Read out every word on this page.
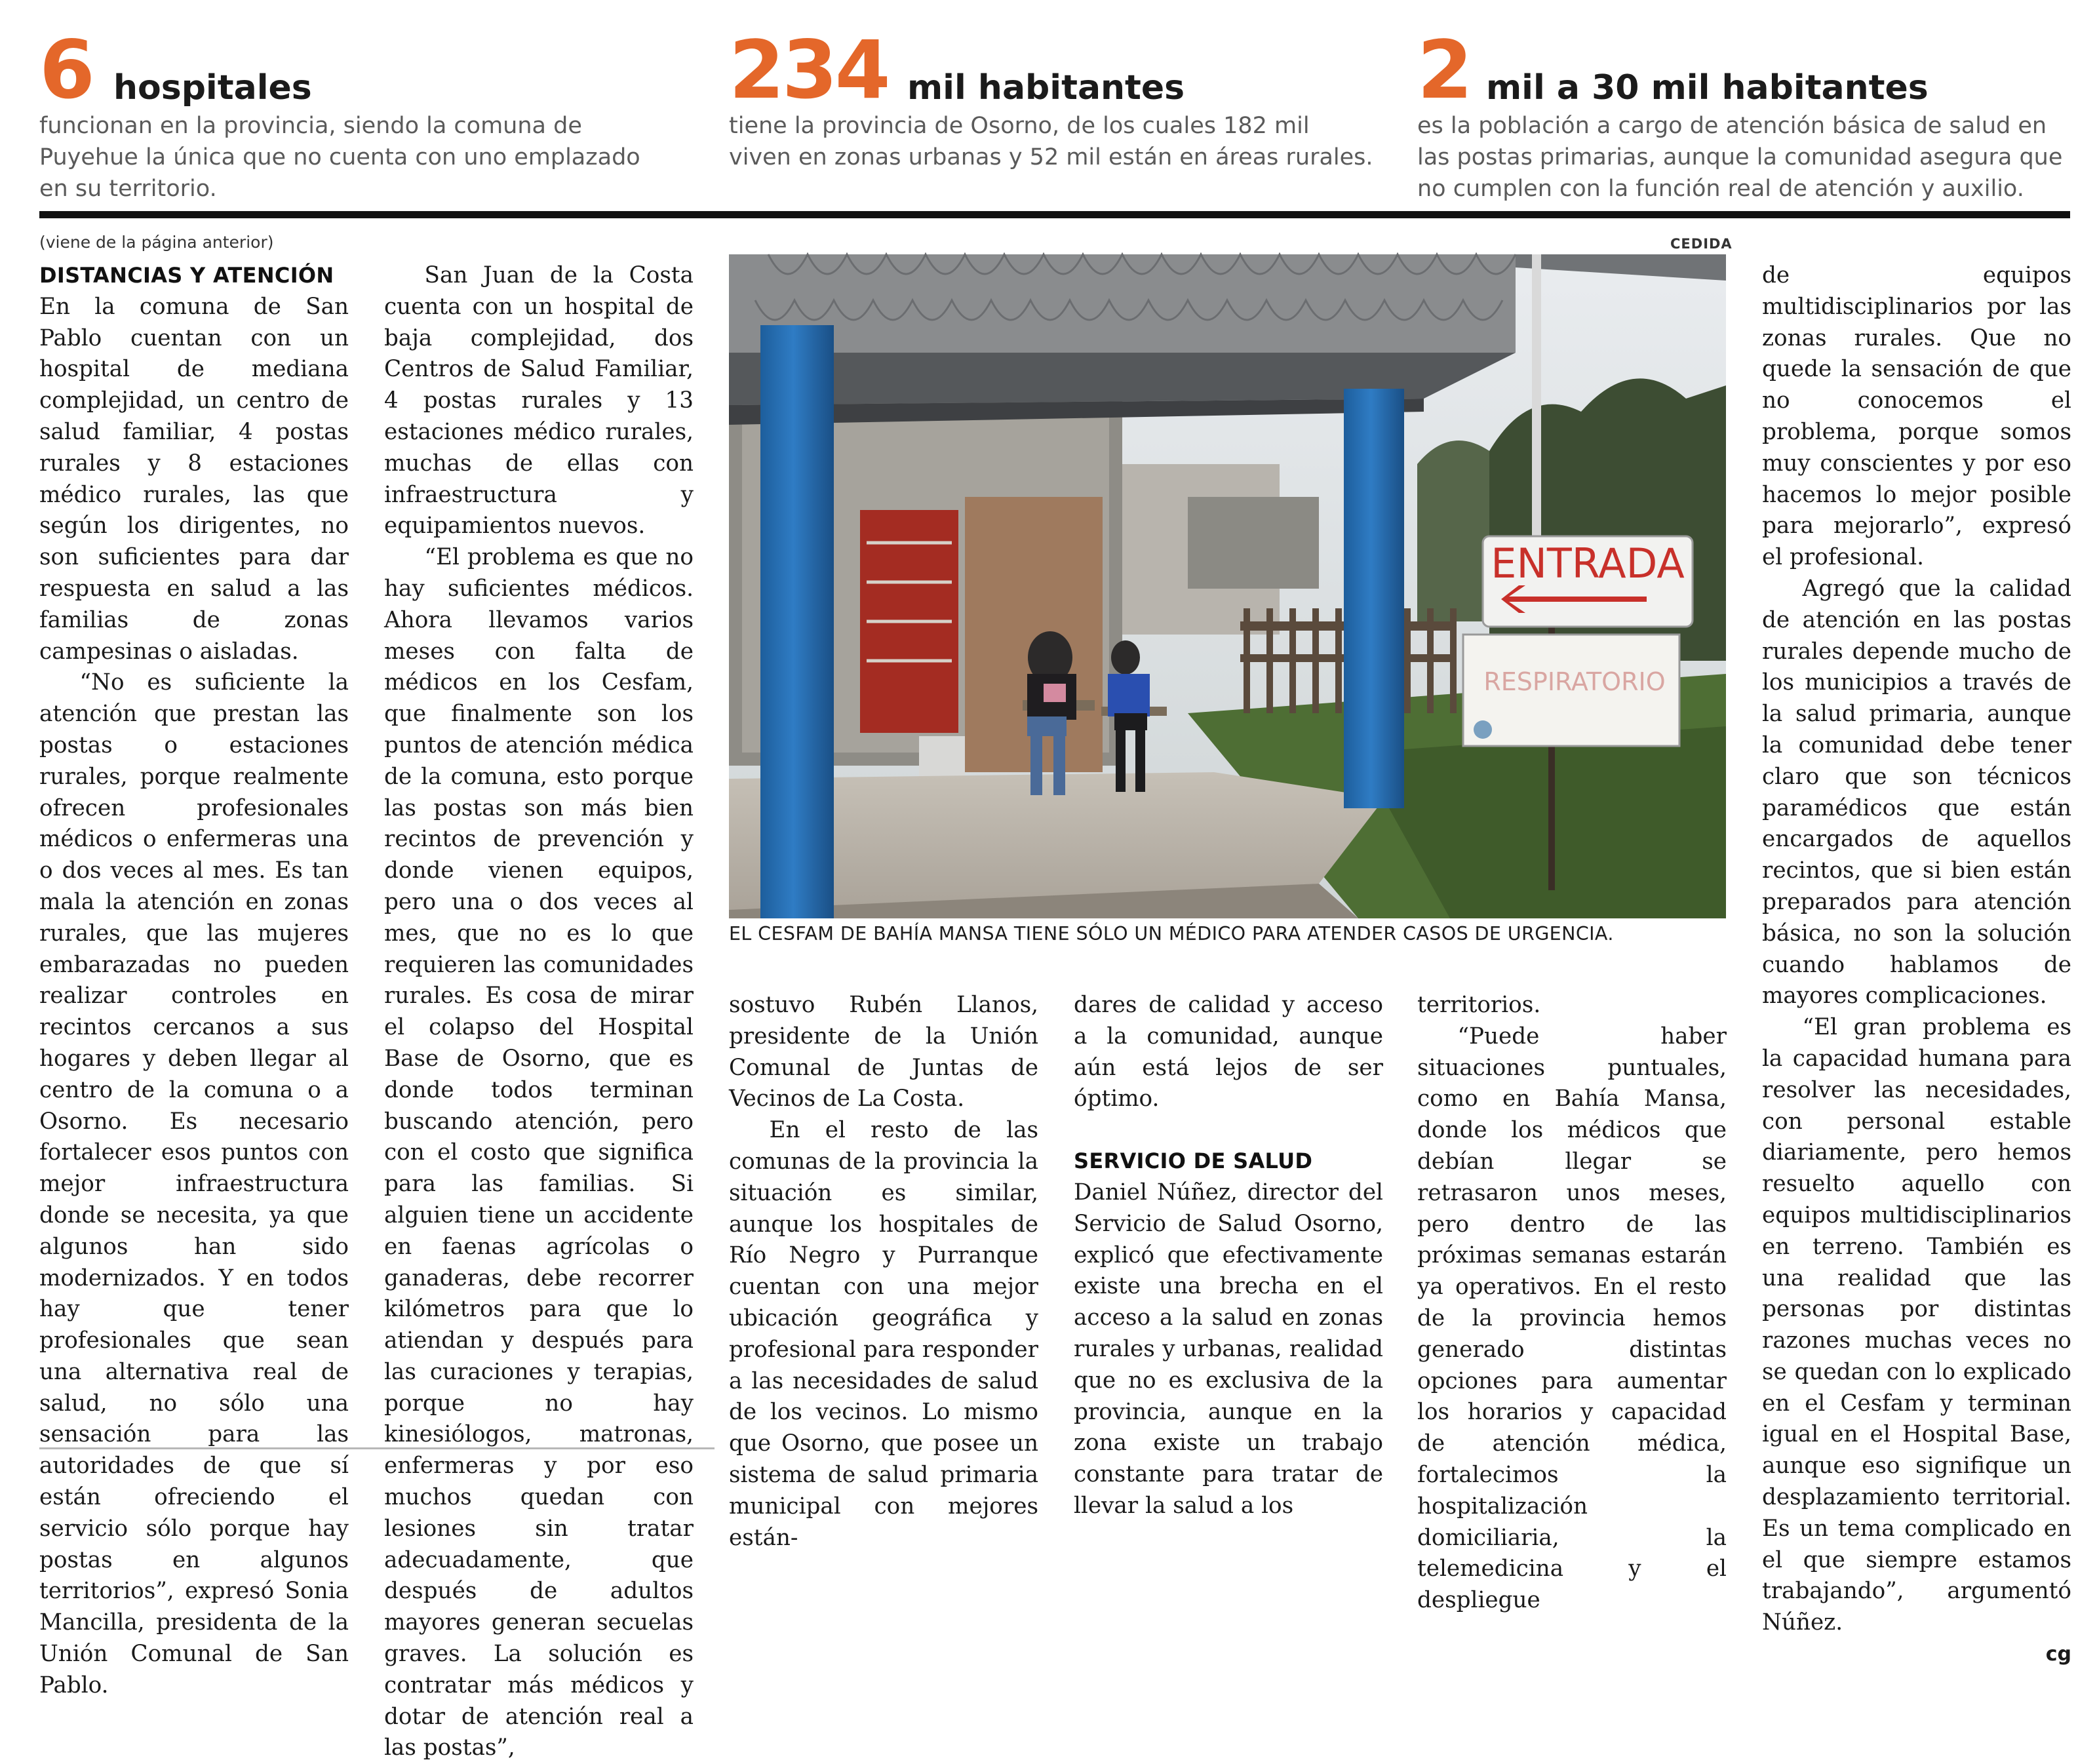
6 hospitales
funcionan en la provincia, siendo la comuna de Puyehue la única que no cuenta con uno emplazado en su territorio.
234 mil habitantes
tiene la provincia de Osorno, de los cuales 182 mil viven en zonas urbanas y 52 mil están en áreas rurales.
2 mil a 30 mil habitantes
es la población a cargo de atención básica de salud en las postas primarias, aunque la comunidad asegura que no cumplen con la función real de atención y auxilio.
(viene de la página anterior)	CEDIDA
DISTANCIAS Y ATENCIÓN

En la comuna de San Pablo cuentan con un hospital de mediana complejidad, un centro de salud familiar, 4 postas rurales y 8 estaciones médico rurales, las que según los dirigentes, no son suficientes para dar respuesta en salud a las familias de zonas campesinas o aisladas.

“No es suficiente la atención que prestan las postas o estaciones rurales, porque realmente ofrecen profesionales médicos o enfermeras una o dos veces al mes. Es tan mala la atención en zonas rurales, que las mujeres embarazadas no pueden realizar controles en recintos cercanos a sus hogares y deben llegar al centro de la comuna o a Osorno. Es necesario fortalecer esos puntos con mejor infraestructura donde se necesita, ya que algunos han sido modernizados. Y en todos hay que tener profesionales que sean una alternativa real de salud, no sólo una sensación para las autoridades de que sí están ofreciendo el servicio sólo porque hay postas en algunos territorios”, expresó Sonia Mancilla, presidenta de la Unión Comunal de San Pablo.

San Juan de la Costa cuenta con un hospital de baja complejidad, dos Centros de Salud Familiar, 4 postas rurales y 13 estaciones médico rurales, muchas de ellas con infraestructura y equipamientos nuevos.

“El problema es que no hay suficientes médicos. Ahora llevamos varios meses con falta de médicos en los Cesfam, que finalmente son los puntos de atención médica de la comuna, esto porque las postas son más bien recintos de prevención y donde vienen equipos, pero una o dos veces al mes, que no es lo que requieren las comunidades rurales. Es cosa de mirar el colapso del Hospital Base de Osorno, que es donde todos terminan buscando atención, pero con el costo que significa para las familias. Si alguien tiene un accidente en faenas agrícolas o ganaderas, debe recorrer kilómetros para que lo atiendan y después para las curaciones y terapias, porque no hay kinesiólogos, matronas, enfermeras y por eso muchos quedan con lesiones sin tratar adecuadamente, que después de adultos mayores generan secuelas graves. La solución es contratar más médicos y dotar de atención real a las postas”,

ENTRADA
RESPIRATORIO
EL CESFAM DE BAHÍA MANSA TIENE SÓLO UN MÉDICO PARA ATENDER CASOS DE URGENCIA.

sostuvo Rubén Llanos, presidente de la Unión Comunal de Juntas de Vecinos de La Costa.

En el resto de las comunas de la provincia la situación es similar, aunque los hospitales de Río Negro y Purranque cuentan con una mejor ubicación geográfica y profesional para responder a las necesidades de salud de los vecinos. Lo mismo que Osorno, que posee un sistema de salud primaria municipal con mejores están-

dares de calidad y acceso a la comunidad, aunque aún está lejos de ser óptimo.

SERVICIO DE SALUD

Daniel Núñez, director del Servicio de Salud Osorno, explicó que efectivamente existe una brecha en el acceso a la salud en zonas rurales y urbanas, realidad que no es exclusiva de la provincia, aunque en la zona existe un trabajo constante para tratar de llevar la salud a los

territorios.

“Puede haber situaciones puntuales, como en Bahía Mansa, donde los médicos que debían llegar se retrasaron unos meses, pero dentro de las próximas semanas estarán ya operativos. En el resto de la provincia hemos generado distintas opciones para aumentar los horarios y capacidad de atención médica, fortalecimos la hospitalización domiciliaria, la telemedicina y el despliegue

de equipos multidisciplinarios por las zonas rurales. Que no quede la sensación de que no conocemos el problema, porque somos muy conscientes y por eso hacemos lo mejor posible para mejorarlo”, expresó el profesional.

Agregó que la calidad de atención en las postas rurales depende mucho de los municipios a través de la salud primaria, aunque la comunidad debe tener claro que son técnicos paramédicos que están encargados de aquellos recintos, que si bien están preparados para atención básica, no son la solución cuando hablamos de mayores complicaciones.

“El gran problema es la capacidad humana para resolver las necesidades, con personal estable diariamente, pero hemos resuelto aquello con equipos multidisciplinarios en terreno. También es una realidad que las personas por distintas razones muchas veces no se quedan con lo explicado en el Cesfam y terminan igual en el Hospital Base, aunque eso signifique un desplazamiento territorial. Es un tema complicado en el que siempre estamos trabajando”, argumentó Núñez.

cg
